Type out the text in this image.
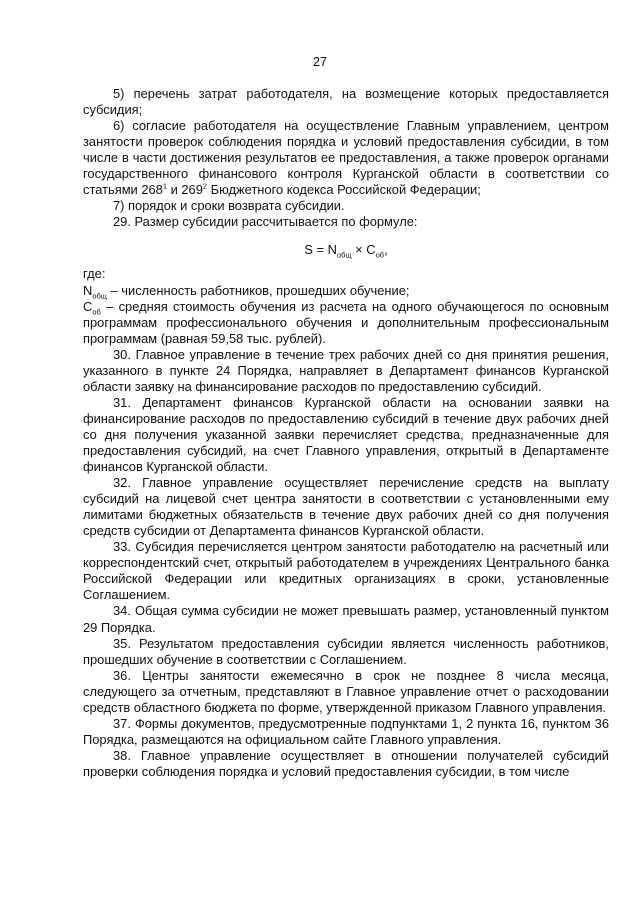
27

5) перечень затрат работодателя, на возмещение которых предоставляется субсидия;

6) согласие работодателя на осуществление Главным управлением, центром занятости проверок соблюдения порядка и условий предоставления субсидии, в том числе в части достижения результатов ее предоставления, а также проверок органами государственного финансового контроля Курганской области в соответствии со статьями $268^1$ и $269^2$ Бюджетного кодекса Российской Федерации;

7) порядок и сроки возврата субсидии.

29. Размер субсидии рассчитывается по формуле:

$S = N_{общ} \times C_{об}$,

где:

$N_{общ}$ – численность работников, прошедших обучение;

$C_{об}$ – средняя стоимость обучения из расчета на одного обучающегося по основным программам профессионального обучения и дополнительным профессиональным программам (равная 59,58 тыс. рублей).

30. Главное управление в течение трех рабочих дней со дня принятия решения, указанного в пункте 24 Порядка, направляет в Департамент финансов Курганской области заявку на финансирование расходов по предоставлению субсидий.

31. Департамент финансов Курганской области на основании заявки на финансирование расходов по предоставлению субсидий в течение двух рабочих дней со дня получения указанной заявки перечисляет средства, предназначенные для предоставления субсидий, на счет Главного управления, открытый в Департаменте финансов Курганской области.

32. Главное управление осуществляет перечисление средств на выплату субсидий на лицевой счет центра занятости в соответствии с установленными ему лимитами бюджетных обязательств в течение двух рабочих дней со дня получения средств субсидии от Департамента финансов Курганской области.

33. Субсидия перечисляется центром занятости работодателю на расчетный или корреспондентский счет, открытый работодателем в учреждениях Центрального банка Российской Федерации или кредитных организациях в сроки, установленные Соглашением.

34. Общая сумма субсидии не может превышать размер, установленный пунктом 29 Порядка.

35. Результатом предоставления субсидии является численность работников, прошедших обучение в соответствии с Соглашением.

36. Центры занятости ежемесячно в срок не позднее 8 числа месяца, следующего за отчетным, представляют в Главное управление отчет о расходовании средств областного бюджета по форме, утвержденной приказом Главного управления.

37. Формы документов, предусмотренные подпунктами 1, 2 пункта 16, пунктом 36 Порядка, размещаются на официальном сайте Главного управления.

38. Главное управление осуществляет в отношении получателей субсидий проверки соблюдения порядка и условий предоставления субсидии, в том числе
